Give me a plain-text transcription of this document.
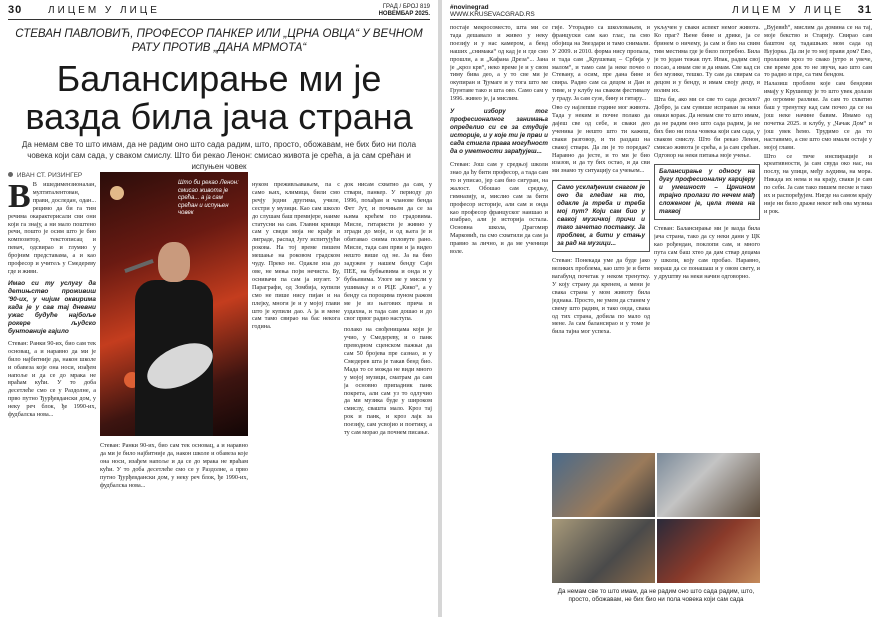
30	ЛИЦЕМ У ЛИЦЕ	ГРАД / БРОЈ 819
НОВЕМБАР 2025.
СТЕВАН ПАВЛОВИЋ, ПРОФЕСОР ПАНКЕР ИЛИ „ЦРНА ОВЦА“ У ВЕЧНОМ РАТУ ПРОТИВ „ДАНА МРМОТА“
Балансирање ми је
вазда била јача страна
Да немам све то што имам, да не радим оно што сада радим, што, просто, обожавам, не бих био ни пола човека који сам сада, у сваком смислу. Што би рекао Ленон: смисао живота је срећа, а ја сам срећан и испуњен човек
ИВАН СТ. РИЗИНГЕР

В В ишедимензионалан, мултиталентован, прави, доследан, одан... рецимо да би га тим речима окарактерисали сви они који га знају, а ни мало поштено речи, пошто је осим што је био композитор, текстописац и певач, одсвирао и глумио у бројним представама, а и као професор и учитељ у Смедереву где и живи.

Имао си ту услугу да детињство проживиш '90-их, у чијим оквирима када је у сав тај дневни ужас будуће најбоље рокере људско бунтовније гајило

Стеван: Ранки 90-их, био сам тек основац, а и наравно да ми је било најбитније да, након школе и обавеза које она носи, изађем напоље и да се до мрака не враћам кући. У то доба десетлеће смо се у Раздолне, а прво путно Ђурђевдански дом, у неку реч блок, ђе 1990-их, фудбалска нова...

Што би рекао Ленон: смисао живота је срећа... а ја сам срећан и испуњен човек

нуком преживљавањем, па с само њих, климица, били смо речју једни другима, училе, сестри у музици. Као сам школо до слушам баш премијере, наиме статусни на сам. Главни кривци сам у сведи моја не крађе и лиграде, распад Југу испитујући рокова. На тој време пишем мешање на роковом градском чуду. Преко не. Одакле иза до ове, не мења појм нечиста. Бу, оснивачи па сам ја изузет. У Параграфи, од Зомбија, купили смо не пише нису пијан и на плејку, многи је и у мојој глави што је купили дао. А ја и мене сам тамо свирао на бас некога година.

док нисам схватио да сам, у ствари, панкер. У периоду до 1996, похађам и чланове бенда Фет Јут, и почињем да се за њима крећем по градовима. Мисле, гитаристи је живио у згради до моје, и од њега је и обитавао снима половуте рано. Мисле, тада сам први и ја видео нешто више од не. Ја ва био задужен у нашем бенду Сајн ПЕЕ, на бубњевима и онда и у бубњевима. Улоге ме у мисли у ушивању и о РЦЕ „Кико“, а у бенду са пороцима пуном ражом ме је из његових прича и уздахна, и тада сам дошао и до свог првог радио наступа.

полако на свођеницама који је учио, у Смедереву, и о панк преводном сценском пажњи да сам 50 бројева пре сазнао, и у Смедерев шта је такав бенд био. Мада то се можда не види много у мојој музици, сматрам да сам ја основно припадник панк покрета, али сам уз то одлучио да ми музика буде у широком смислу, свашта мало. Кроз тај рок и панк, и кроз лајк за поезију, сам усвојио и поетику, а ту сам морао да почнем писање.

Стеван: Ранки 90-их, био сам тек основац, а и наравно да ми је било најбитније да, након школе и обавеза које она носи, изађем напоље и да се до мрака не враћам кући. У то доба десетлеће смо се у Раздолне, а прво путно Ђурђевдански дом, у неку реч блок, ђе 1990-их, фудбалска нова...

#novinegrad
WWW.KRUSEVACGRAD.RS	ЛИЦЕМ У ЛИЦЕ 31

постаје мекросоместо, шта ми се тада дешавало и живео у неку поезију и у нас камером, а бенд наших „снимака“ од кад је и где смо прошли, а и „Кафана Дреза“... Јана је „кроз крв“, неко време је и у свом тиму бива део, а у то све ми је окупиран и Ђумаге и у тога што ме Грунтаве тако и шта ово. Само сам у 1996. живео је, ја мислим.

У избору тог професионалног занимања определио си се за студије историје, и у које ти је први и сада стигла права могућност да о уметности зарађујеш...

Стеван: Још сам у средњој школи знао да ћу бити професор, а тада сам то и уписао, јер сам био сигуран, на жалост. Обошао сам средњу, гимназију, и, мислио сам за бити професор историје, али сам и онда као професор француског наишао и изабрао, али је историја остала. Основна школа, Драгомир Марковић, па смо схватили да сам ја правио за лично, и да ме ученици воле.

гије. Уторадио са школовањем, и француски сам као глас, па смо обојица на Звездари и тамо снимали. У 2009. и 2010. форма нису пропала, и тада сам „Крушевац – Србија у малом“, и тамо сам ја неке почео о Стевану, а осим, пре дана бине и свира. Радио сам са децом и Дан и тиме, и у клубу на сваком фестивалу у граду. Ја сам сузе, бину и гитару...

Ово су најлепше године мог живота. Тада у неким и почне полако да дајеш све од себе, и сваки део ученика је нешто што ти кажеш, сваки разговор, и ти раздаш на свакој ствари. Да ли је то поредак? Наравно да јесте, и то ми је био изазов, и да ту бих остао, и да сви ми знамо ту ситуацију са учењем...

Само усклађеним снагом је оно да гледам на то, одакле ја треба и треба мој пут? Који сам био у свакој музичкој причи и тако зачетао поставку. Ја проблем, а бити у стању за рад на музици...

Стеван: Понекада уме да буде јако великих проблема, као што је и бити вагабунд почетак у неком тренутку. У коју страну да кренем, а мени је свака страна у мом животу била једнака. Просто, не умем да станем у свему што радим, и тако онда, свака од тих страна, добила по мало од мене. Ја сам балансирао и у томе је била тајна мог успеха.

укључен у свакн аспект немог живота. Ко праг? Њене бине и дрике, ја се бринем о ничему, ја сам и био на свим тим местима где је било потребно. Била је то један тежак пут. Ипак, радим свој посао, а имам све и да имам. Све кад си без музике, тешко. Ту сам да свирам са децом и у бенду, и имам своју децу, и волим их.

Шта би, ако ми се све то сада десило? Добро, ја сам сувише исправан за неки оваки корак. Да немам све то што имам, да не радим оно што сада радим, ја не бих био ни пола човека који сам сада, у сваком смислу. Што би рекао Ленон, смисао живота је срећа, а ја сам срећан. Одговор на неки питања моје учење.

Балансирање у односу на дугу професионалну каријеру и умешност – Црнином трајно пролази по нечем мађ сложеном је, цела тема на таквој

Стеван: Балансирање ми је вазда била јача страна, тако да су неки дани у ЦК као рођендан, поклопи сам, и много пута сам баш хтео да дам ствар децама у школи, коју сам пробао. Наравно, мораш да се понашаш и у овом свету, и у друштву на неки начин одговорно.

„Вујевић“, мислим да домина се на тај, моје бекство и Старију. Свирао сам баштом од тадашњих мом сада од Њујорка. Да ли је то мој прави дом? Ево, пролазим кроз то свако јутро и увече, све време док то не звучи, као што сам то радио и пре, са тим бендом.

Налазиш проблем које сам бендови имају у Крушевцу је то што увек долази до огромне разлике. Ја сам то схватио баш у тренутку кад сам почео да се на још неке начине бавим. Имамо од почетка 2025. и клубу, у „Чачак Дом“ и још увек ћемо. Трудимо се да то наставимо, а све што смо имали остаје у мојој глави.

Што се тиче инспирације и креативности, ја сам свуда око нас, на послу, на улици, међу људима, на мора. Никада их нема и на крају, сваки је сам по себи. Ја сам тако пишем песме и тако их и распоређујем. Нигде на самом крају није ни било драже неког већ ова музика и рок.

Да немам све то што имам, да не радим оно што сада радим, што, просто, обожавам, не бих био ни пола човека који сам сада
